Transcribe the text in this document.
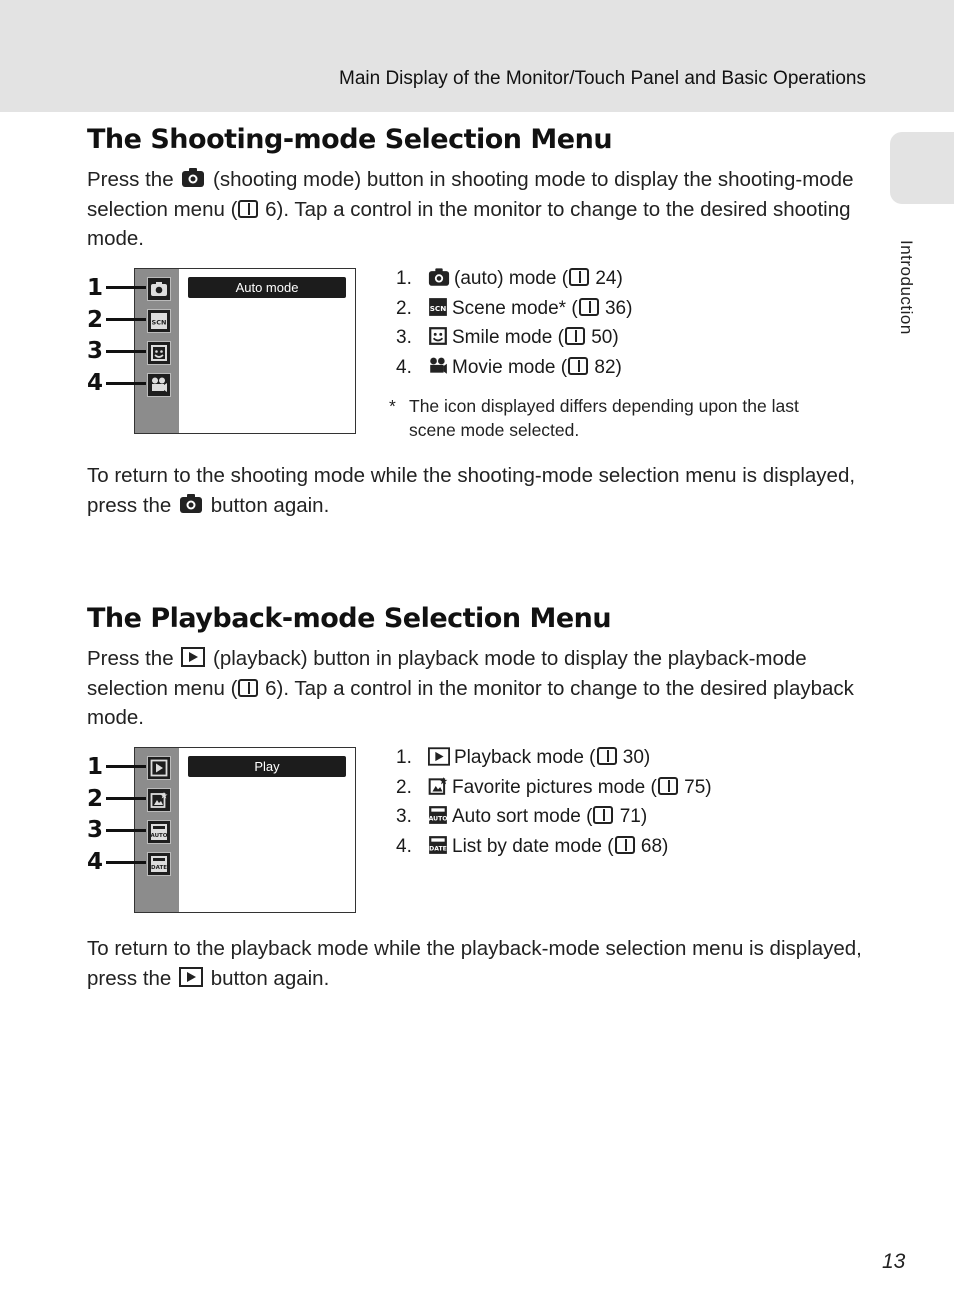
Main Display of the Monitor/Touch Panel and Basic Operations
Introduction
The Shooting-mode Selection Menu

Press the (shooting mode) button in shooting mode to display the shooting-mode selection menu ( 6). Tap a control in the monitor to change to the desired shooting mode.

SCN
Auto mode
1
2
3
4
1. (auto) mode ( 24)
2.	SCN Scene mode* ( 36)
3. Smile mode ( 50)
4. Movie mode ( 82)

* The icon displayed differs depending upon the last scene mode selected.

To return to the shooting mode while the shooting-mode selection menu is displayed, press the button again.

The Playback-mode Selection Menu

Press the (playback) button in playback mode to display the playback-mode selection menu ( 6). Tap a control in the monitor to change to the desired playback mode.

AUTO
DATE
Play
1
2
3
4
1. Playback mode ( 30)
2. Favorite pictures mode ( 75)
3.	AUTO Auto sort mode ( 71)
4.	DATE List by date mode ( 68)

To return to the playback mode while the playback-mode selection menu is displayed, press the button again.

13
